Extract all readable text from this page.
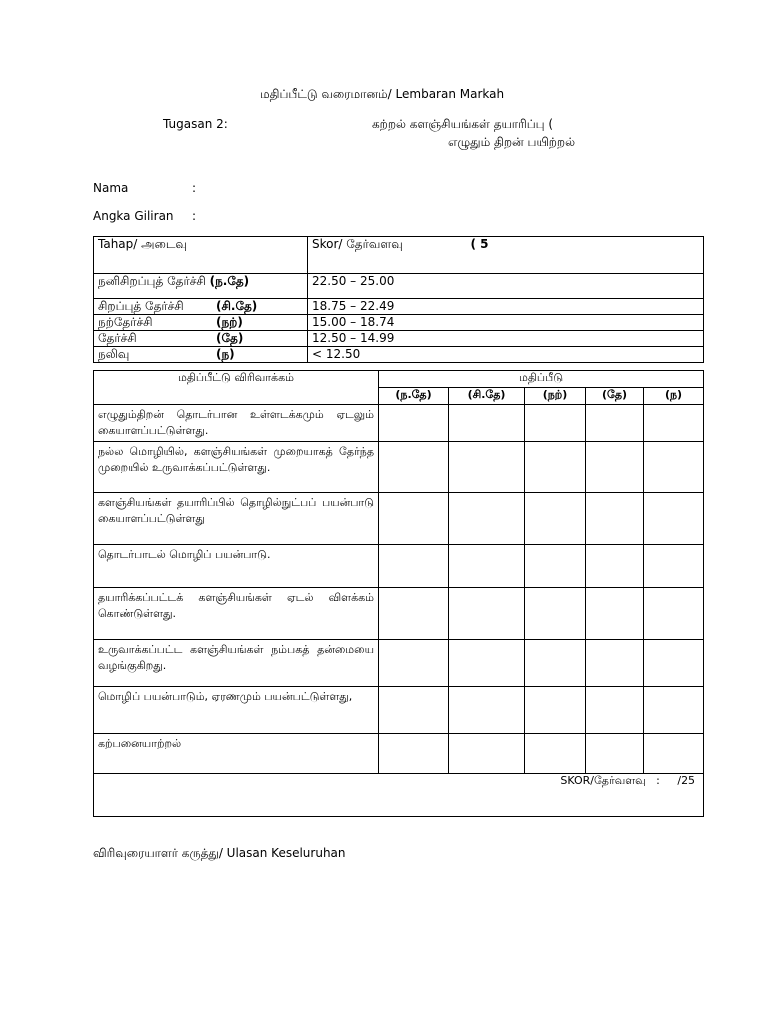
மதிப்பீட்டு வரைமானம்/ Lembaran Markah
Tugasan 2:	கற்றல் களஞ்சியங்கள் தயாரிப்பு (
எழுதும் திறன் பயிற்றல்
Nama	:
Angka Giliran :
Tahap/ அடைவு	Skor/ தேர்வளவு ( 5
நனிசிறப்புத் தேர்ச்சி (ந.தே)	22.50 – 25.00
சிறப்புத் தேர்ச்சி (சி.தே)	18.75 – 22.49
நற்தேர்ச்சி (நற்)	15.00 – 18.74
தேர்ச்சி (தே)	12.50 – 14.99
நலிவு (ந)	< 12.50
மதிப்பீட்டு விரிவாக்கம்	மதிப்பீடு				
	(ந.தே)	(சி.தே)	(நற்)	(தே)	(ந)
எழுதும்திறன் தொடர்பான உள்ளடக்கமும் ஏடலும் கையாளப்பட்டுள்ளது.					
நல்ல மொழியில், களஞ்சியங்கள் முறையாகத் தேர்ந்த முறையில் உருவாக்கப்பட்டுள்ளது.					
களஞ்சியங்கள் தயாரிப்பில் தொழில்நுட்பப் பயன்பாடு கையாளப்பட்டுள்ளது					
தொடர்பாடல் மொழிப் பயன்பாடு.					
தயாரிக்கப்பட்டக் களஞ்சியங்கள் ஏடல் விளக்கம் கொண்டுள்ளது.					
உருவாக்கப்பட்ட களஞ்சியங்கள் நம்பகத் தன்மையை வழங்குகிறது.					
மொழிப் பயன்பாடும், ஏரணமும் பயன்பட்டுள்ளது,					
கற்பனையாற்றல்					
SKOR/தேர்வளவு   :     /25					
விரிவுரையாளர் கருத்து/ Ulasan Keseluruhan
